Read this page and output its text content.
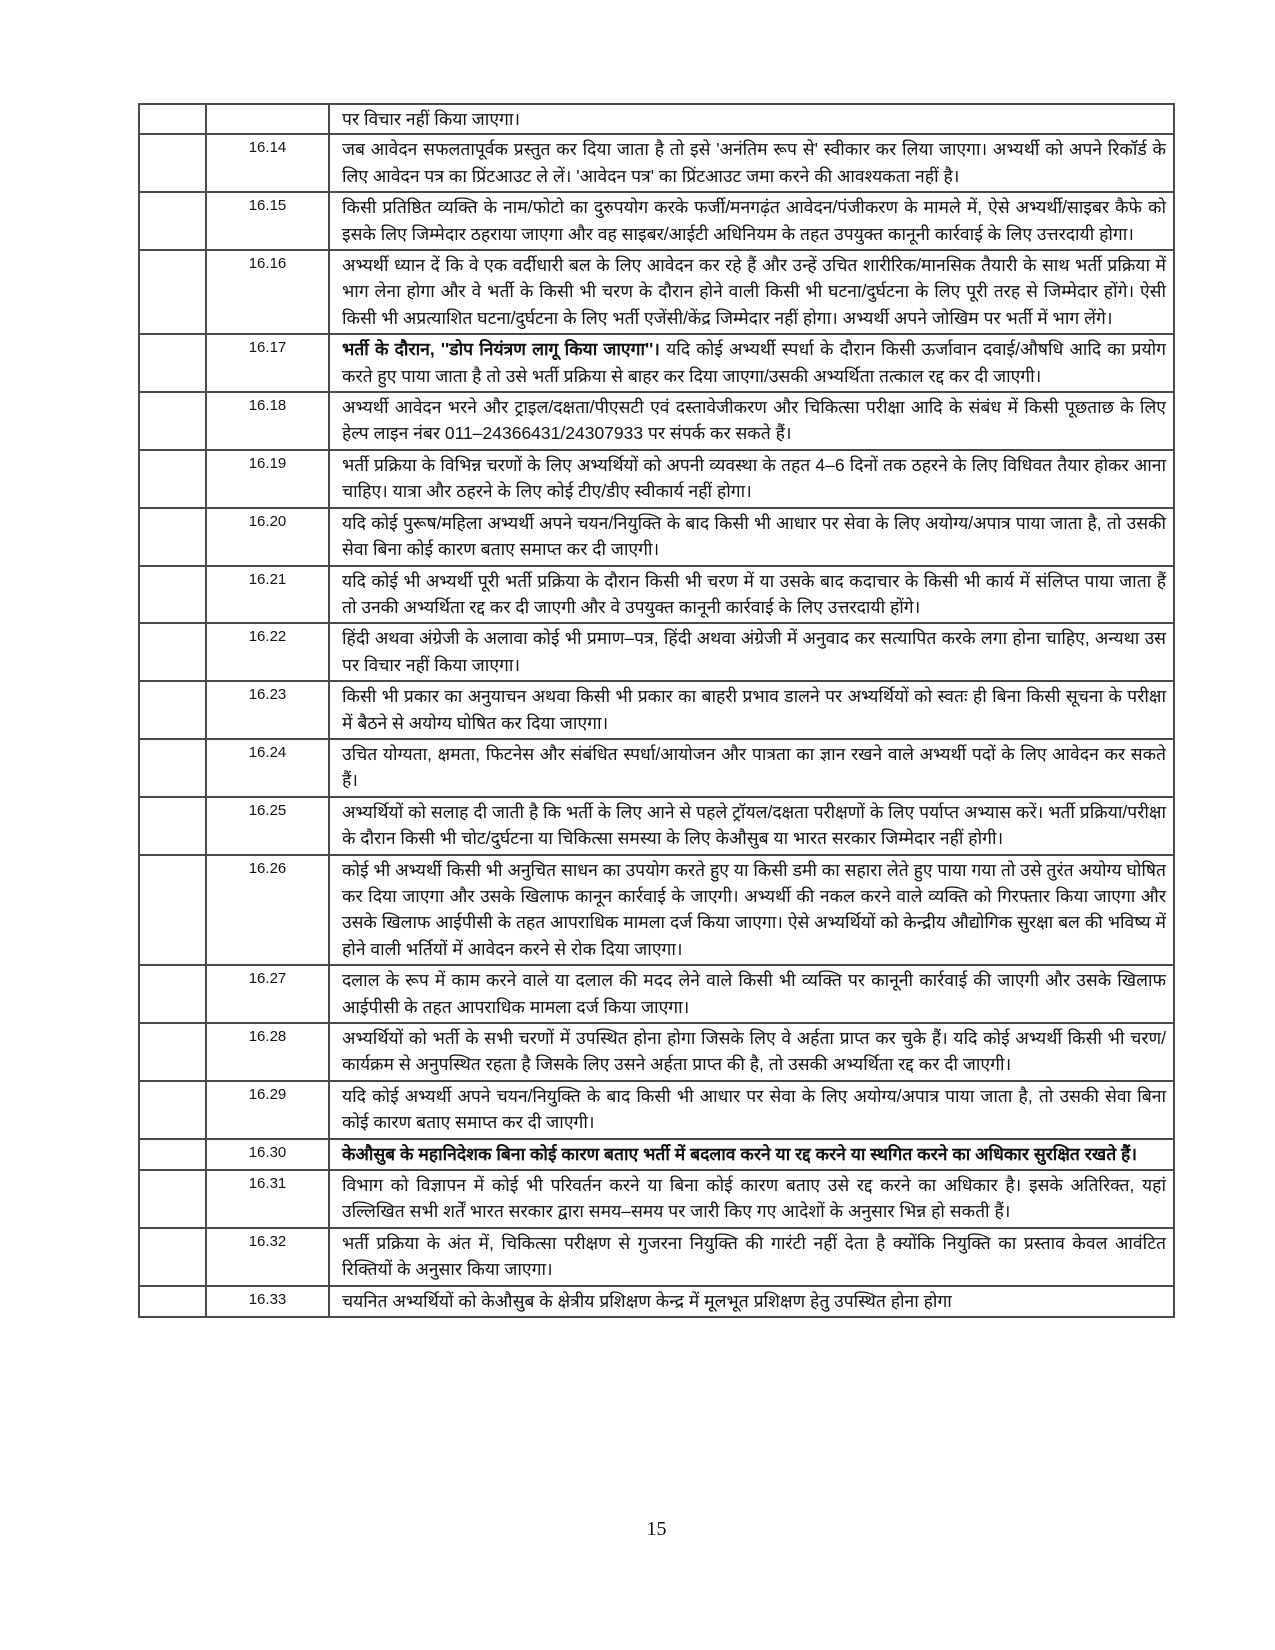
		पर विचार नहीं किया जाएगा।
	16.14	जब आवेदन सफलतापूर्वक प्रस्तुत कर दिया जाता है तो इसे 'अनंतिम रूप से' स्वीकार कर लिया जाएगा। अभ्यर्थी को अपने रिकॉर्ड के लिए आवेदन पत्र का प्रिंटआउट ले लें। 'आवेदन पत्र' का प्रिंटआउट जमा करने की आवश्यकता नहीं है।
	16.15	किसी प्रतिष्ठित व्यक्ति के नाम/फोटो का दुरुपयोग करके फर्जी/मनगढ़ंत आवेदन/पंजीकरण के मामले में, ऐसे अभ्यर्थी/साइबर कैफे को इसके लिए जिम्मेदार ठहराया जाएगा और वह साइबर/आईटी अधिनियम के तहत उपयुक्त कानूनी कार्रवाई के लिए उत्तरदायी होगा।
	16.16	अभ्यर्थी ध्यान दें कि वे एक वर्दीधारी बल के लिए आवेदन कर रहे हैं और उन्हें उचित शारीरिक/मानसिक तैयारी के साथ भर्ती प्रक्रिया में भाग लेना होगा और वे भर्ती के किसी भी चरण के दौरान होने वाली किसी भी घटना/दुर्घटना के लिए पूरी तरह से जिम्मेदार होंगे। ऐसी किसी भी अप्रत्याशित घटना/दुर्घटना के लिए भर्ती एजेंसी/केंद्र जिम्मेदार नहीं होगा। अभ्यर्थी अपने जोखिम पर भर्ती में भाग लेंगे।
	16.17	भर्ती के दौरान, ''डोप नियंत्रण लागू किया जाएगा''। यदि कोई अभ्यर्थी स्पर्धा के दौरान किसी ऊर्जावान दवाई/औषधि आदि का प्रयोग करते हुए पाया जाता है तो उसे भर्ती प्रक्रिया से बाहर कर दिया जाएगा/उसकी अभ्यर्थिता तत्काल रद्द कर दी जाएगी।
	16.18	अभ्यर्थी आवेदन भरने और ट्राइल/दक्षता/पीएसटी एवं दस्तावेजीकरण और चिकित्सा परीक्षा आदि के संबंध में किसी पूछताछ के लिए हेल्प लाइन नंबर 011–24366431/24307933 पर संपर्क कर सकते हैं।
	16.19	भर्ती प्रक्रिया के विभिन्न चरणों के लिए अभ्यर्थियों को अपनी व्यवस्था के तहत 4–6 दिनों तक ठहरने के लिए विधिवत तैयार होकर आना चाहिए। यात्रा और ठहरने के लिए कोई टीए/डीए स्वीकार्य नहीं होगा।
	16.20	यदि कोई पुरूष/महिला अभ्यर्थी अपने चयन/नियुक्ति के बाद किसी भी आधार पर सेवा के लिए अयोग्य/अपात्र पाया जाता है, तो उसकी सेवा बिना कोई कारण बताए समाप्त कर दी जाएगी।
	16.21	यदि कोई भी अभ्यर्थी पूरी भर्ती प्रक्रिया के दौरान किसी भी चरण में या उसके बाद कदाचार के किसी भी कार्य में संलिप्त पाया जाता हैं तो उनकी अभ्यर्थिता रद्द कर दी जाएगी और वे उपयुक्त कानूनी कार्रवाई के लिए उत्तरदायी होंगे।
	16.22	हिंदी अथवा अंग्रेजी के अलावा कोई भी प्रमाण–पत्र, हिंदी अथवा अंग्रेजी में अनुवाद कर सत्यापित करके लगा होना चाहिए, अन्यथा उस पर विचार नहीं किया जाएगा।
	16.23	किसी भी प्रकार का अनुयाचन अथवा किसी भी प्रकार का बाहरी प्रभाव डालने पर अभ्यर्थियों को स्वतः ही बिना किसी सूचना के परीक्षा में बैठने से अयोग्य घोषित कर दिया जाएगा।
	16.24	उचित योग्यता, क्षमता, फिटनेस और संबंधित स्पर्धा/आयोजन और पात्रता का ज्ञान रखने वाले अभ्यर्थी पदों के लिए आवेदन कर सकते हैं।
	16.25	अभ्यर्थियों को सलाह दी जाती है कि भर्ती के लिए आने से पहले ट्रॉयल/दक्षता परीक्षणों के लिए पर्याप्त अभ्यास करें। भर्ती प्रक्रिया/परीक्षा के दौरान किसी भी चोट/दुर्घटना या चिकित्सा समस्या के लिए केऔसुब या भारत सरकार जिम्मेदार नहीं होगी।
	16.26	कोई भी अभ्यर्थी किसी भी अनुचित साधन का उपयोग करते हुए या किसी डमी का सहारा लेते हुए पाया गया तो उसे तुरंत अयोग्य घोषित कर दिया जाएगा और उसके खिलाफ कानून कार्रवाई के जाएगी। अभ्यर्थी की नकल करने वाले व्यक्ति को गिरफ्तार किया जाएगा और उसके खिलाफ आईपीसी के तहत आपराधिक मामला दर्ज किया जाएगा। ऐसे अभ्यर्थियों को केन्द्रीय औद्योगिक सुरक्षा बल की भविष्य में होने वाली भर्तियों में आवेदन करने से रोक दिया जाएगा।
	16.27	दलाल के रूप में काम करने वाले या दलाल की मदद लेने वाले किसी भी व्यक्ति पर कानूनी कार्रवाई की जाएगी और उसके खिलाफ आईपीसी के तहत आपराधिक मामला दर्ज किया जाएगा।
	16.28	अभ्यर्थियों को भर्ती के सभी चरणों में उपस्थित होना होगा जिसके लिए वे अर्हता प्राप्त कर चुके हैं। यदि कोई अभ्यर्थी किसी भी चरण/कार्यक्रम से अनुपस्थित रहता है जिसके लिए उसने अर्हता प्राप्त की है, तो उसकी अभ्यर्थिता रद्द कर दी जाएगी।
	16.29	यदि कोई अभ्यर्थी अपने चयन/नियुक्ति के बाद किसी भी आधार पर सेवा के लिए अयोग्य/अपात्र पाया जाता है, तो उसकी सेवा बिना कोई कारण बताए समाप्त कर दी जाएगी।
	16.30	केऔसुब के महानिदेशक बिना कोई कारण बताए भर्ती में बदलाव करने या रद्द करने या स्थगित करने का अधिकार सुरक्षित रखते हैं।
	16.31	विभाग को विज्ञापन में कोई भी परिवर्तन करने या बिना कोई कारण बताए उसे रद्द करने का अधिकार है। इसके अतिरिक्त, यहां उल्लिखित सभी शर्तें भारत सरकार द्वारा समय–समय पर जारी किए गए आदेशों के अनुसार भिन्न हो सकती हैं।
	16.32	भर्ती प्रक्रिया के अंत में, चिकित्सा परीक्षण से गुजरना नियुक्ति की गारंटी नहीं देता है क्योंकि नियुक्ति का प्रस्ताव केवल आवंटित रिक्तियों के अनुसार किया जाएगा।
	16.33	चयनित अभ्यर्थियों को केऔसुब के क्षेत्रीय प्रशिक्षण केन्द्र में मूलभूत प्रशिक्षण हेतु उपस्थित होना होगा
15
